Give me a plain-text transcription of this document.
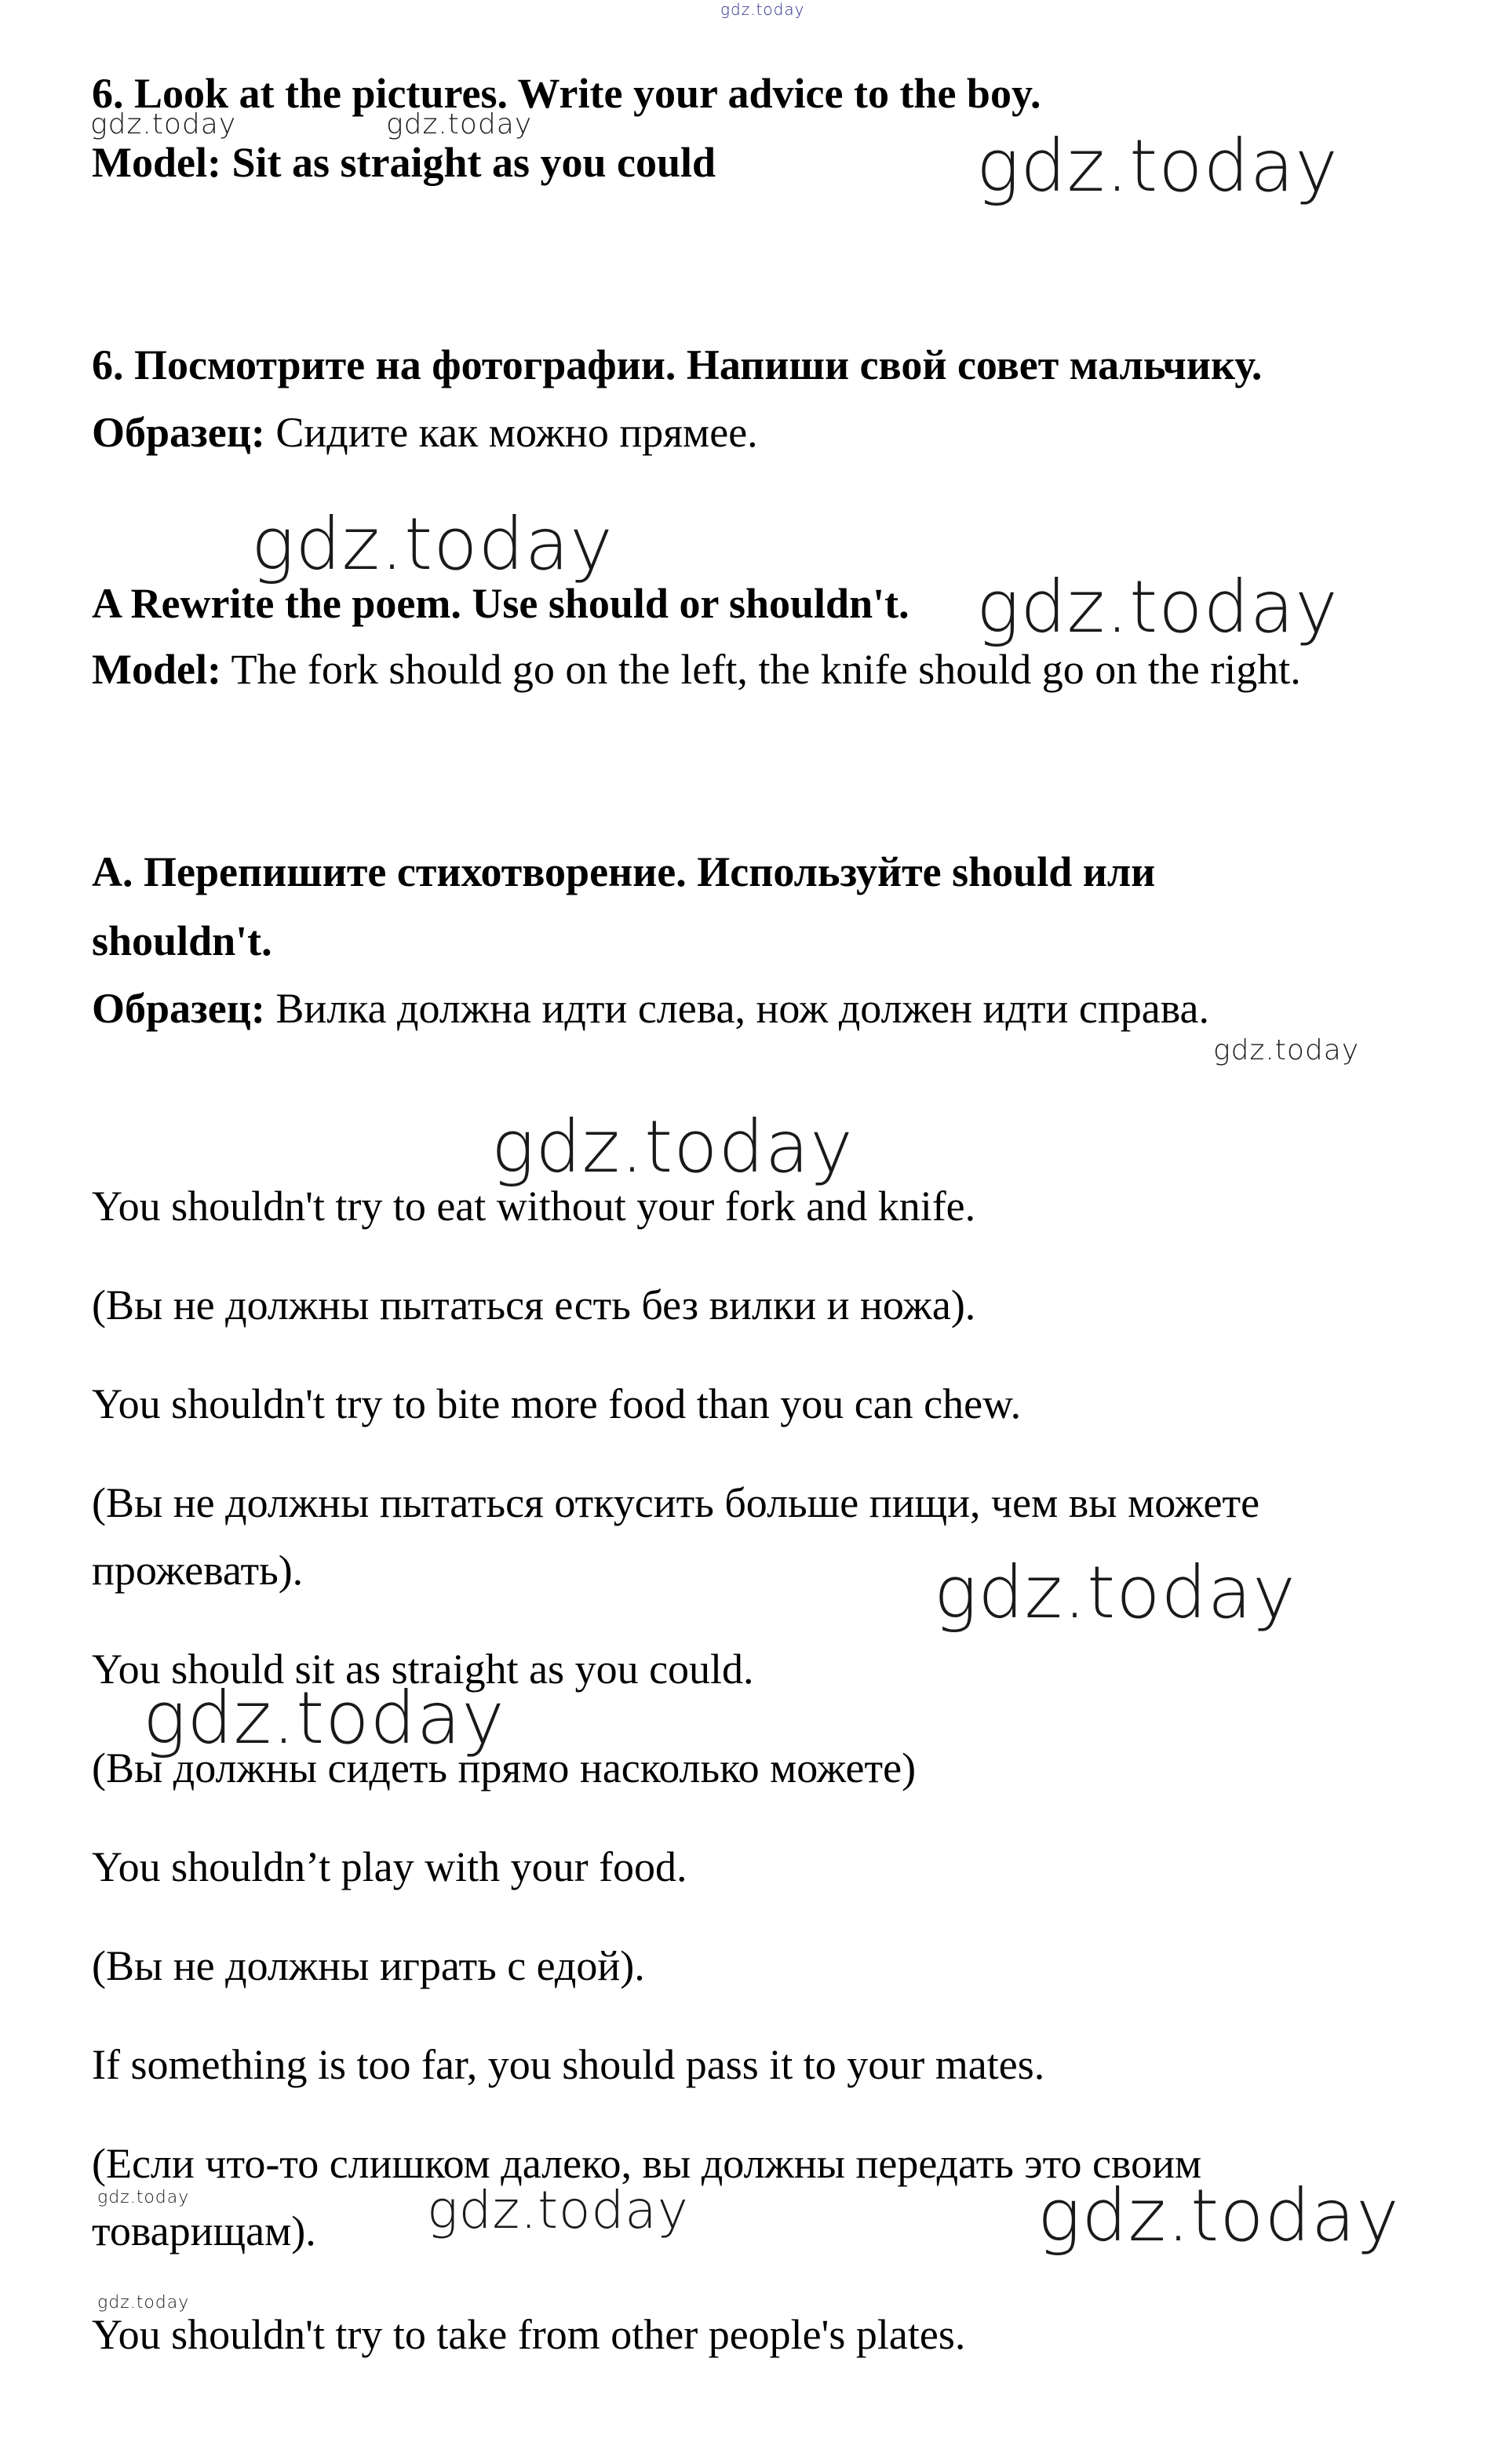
gdz.today

6. Look at the pictures. Write your advice to the boy.

Model: Sit as straight as you could

6. Посмотрите на фотографии. Напиши свой совет мальчику.

Образец: Сидите как можно прямее.

A Rewrite the poem. Use should or shouldn't.

Model: The fork should go on the left, the knife should go on the right.

А. Перепишите стихотворение. Используйте should или

shouldn't.

Образец: Вилка должна идти слева, нож должен идти справа.

You shouldn't try to eat without your fork and knife.

(Вы не должны пытаться есть без вилки и ножа).

You shouldn't try to bite more food than you can chew.

(Вы не должны пытаться откусить больше пищи, чем вы можете

прожевать).

You should sit as straight as you could.

(Вы должны сидеть прямо насколько можете)

You shouldn’t play with your food.

(Вы не должны играть с едой).

If something is too far, you should pass it to your mates.

(Если что-то слишком далеко, вы должны передать это своим

товарищам).

You shouldn't try to take from other people's plates.

gdz.today	gdz.today	gdz.today
gdz.today
gdz.today
gdz.today
gdz.today
gdz.today
gdz.today
gdz.today	gdz.today	gdz.today
gdz.today
